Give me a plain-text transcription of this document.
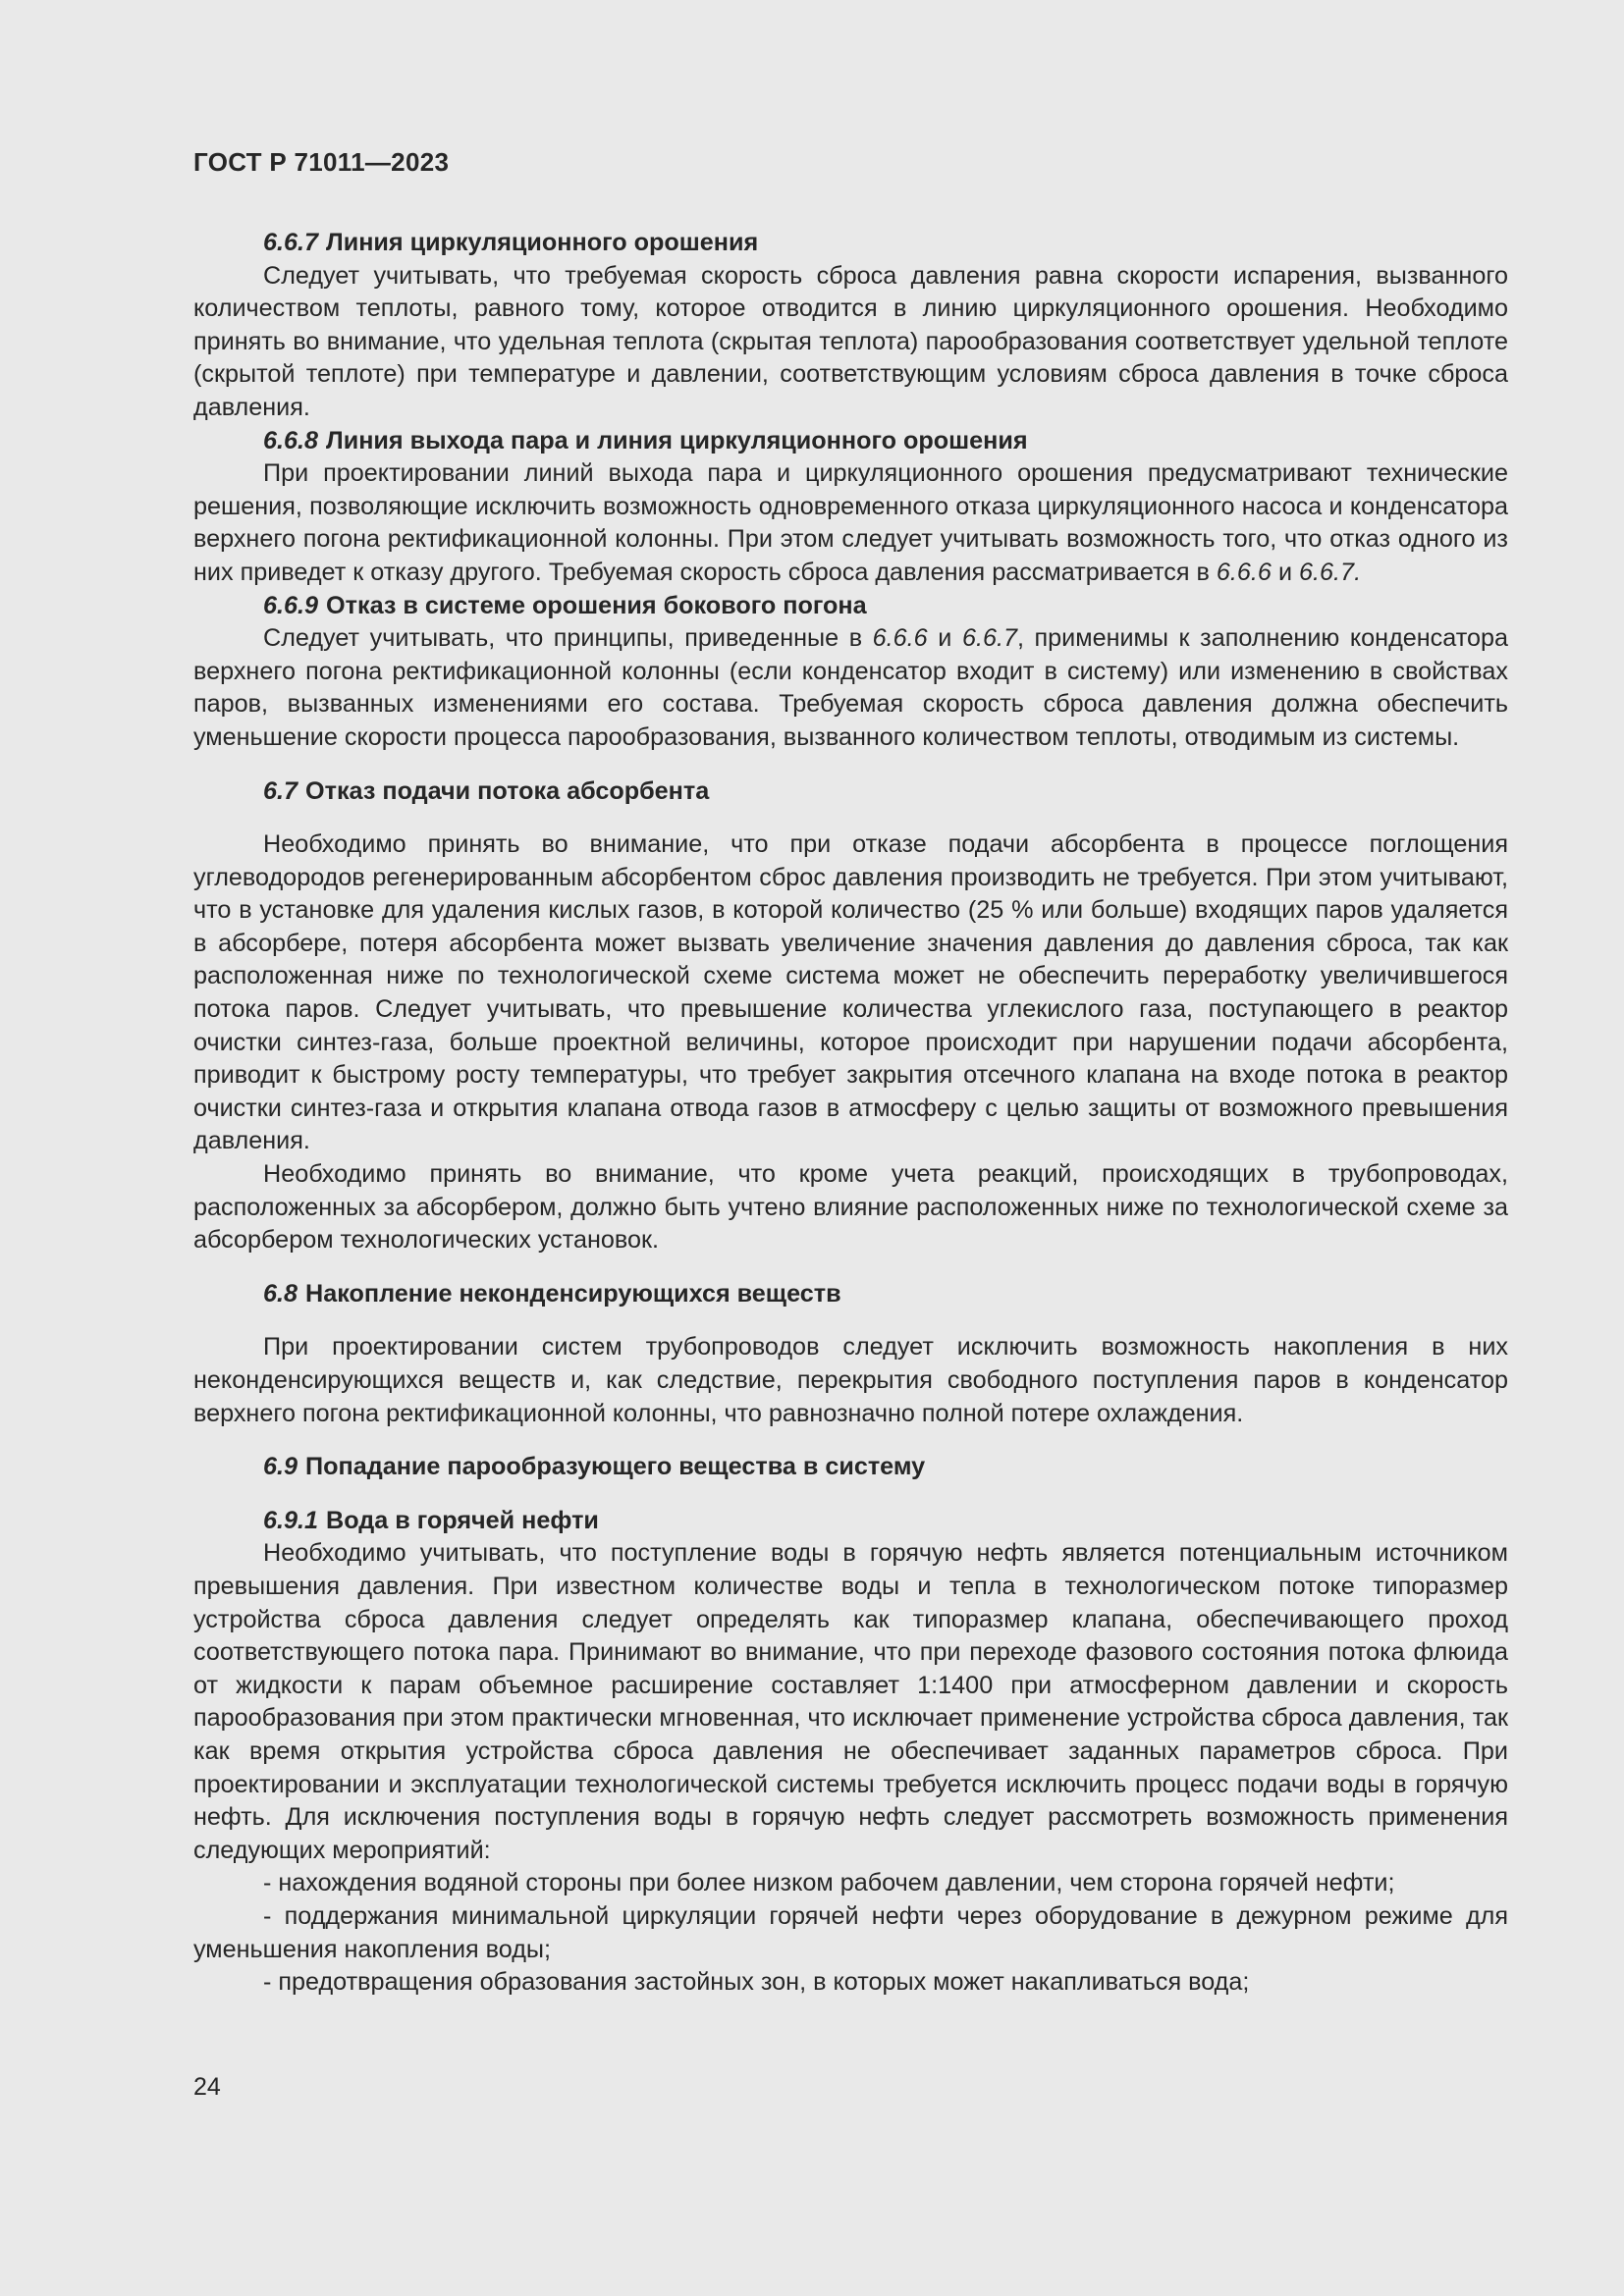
ГОСТ Р 71011—2023

6.6.7 Линия циркуляционного орошения

Следует учитывать, что требуемая скорость сброса давления равна скорости испарения, вызванного количеством теплоты, равного тому, которое отводится в линию циркуляционного орошения. Необходимо принять во внимание, что удельная теплота (скрытая теплота) парообразования соответствует удельной теплоте (скрытой теплоте) при температуре и давлении, соответствующим условиям сброса давления в точке сброса давления.

6.6.8 Линия выхода пара и линия циркуляционного орошения

При проектировании линий выхода пара и циркуляционного орошения предусматривают технические решения, позволяющие исключить возможность одновременного отказа циркуляционного насоса и конденсатора верхнего погона ректификационной колонны. При этом следует учитывать возможность того, что отказ одного из них приведет к отказу другого. Требуемая скорость сброса давления рассматривается в 6.6.6 и 6.6.7.

6.6.9 Отказ в системе орошения бокового погона

Следует учитывать, что принципы, приведенные в 6.6.6 и 6.6.7, применимы к заполнению конденсатора верхнего погона ректификационной колонны (если конденсатор входит в систему) или изменению в свойствах паров, вызванных изменениями его состава. Требуемая скорость сброса давления должна обеспечить уменьшение скорости процесса парообразования, вызванного количеством теплоты, отводимым из системы.

6.7 Отказ подачи потока абсорбента

Необходимо принять во внимание, что при отказе подачи абсорбента в процессе поглощения углеводородов регенерированным абсорбентом сброс давления производить не требуется. При этом учитывают, что в установке для удаления кислых газов, в которой количество (25 % или больше) входящих паров удаляется в абсорбере, потеря абсорбента может вызвать увеличение значения давления до давления сброса, так как расположенная ниже по технологической схеме система может не обеспечить переработку увеличившегося потока паров. Следует учитывать, что превышение количества углекислого газа, поступающего в реактор очистки синтез-газа, больше проектной величины, которое происходит при нарушении подачи абсорбента, приводит к быстрому росту температуры, что требует закрытия отсечного клапана на входе потока в реактор очистки синтез-газа и открытия клапана отвода газов в атмосферу с целью защиты от возможного превышения давления.

Необходимо принять во внимание, что кроме учета реакций, происходящих в трубопроводах, расположенных за абсорбером, должно быть учтено влияние расположенных ниже по технологической схеме за абсорбером технологических установок.

6.8 Накопление неконденсирующихся веществ

При проектировании систем трубопроводов следует исключить возможность накопления в них неконденсирующихся веществ и, как следствие, перекрытия свободного поступления паров в конденсатор верхнего погона ректификационной колонны, что равнозначно полной потере охлаждения.

6.9 Попадание парообразующего вещества в систему

6.9.1 Вода в горячей нефти

Необходимо учитывать, что поступление воды в горячую нефть является потенциальным источником превышения давления. При известном количестве воды и тепла в технологическом потоке типоразмер устройства сброса давления следует определять как типоразмер клапана, обеспечивающего проход соответствующего потока пара. Принимают во внимание, что при переходе фазового состояния потока флюида от жидкости к парам объемное расширение составляет 1:1400 при атмосферном давлении и скорость парообразования при этом практически мгновенная, что исключает применение устройства сброса давления, так как время открытия устройства сброса давления не обеспечивает заданных параметров сброса. При проектировании и эксплуатации технологической системы требуется исключить процесс подачи воды в горячую нефть. Для исключения поступления воды в горячую нефть следует рассмотреть возможность применения следующих мероприятий:

- нахождения водяной стороны при более низком рабочем давлении, чем сторона горячей нефти;

- поддержания минимальной циркуляции горячей нефти через оборудование в дежурном режиме для уменьшения накопления воды;

- предотвращения образования застойных зон, в которых может накапливаться вода;

24
